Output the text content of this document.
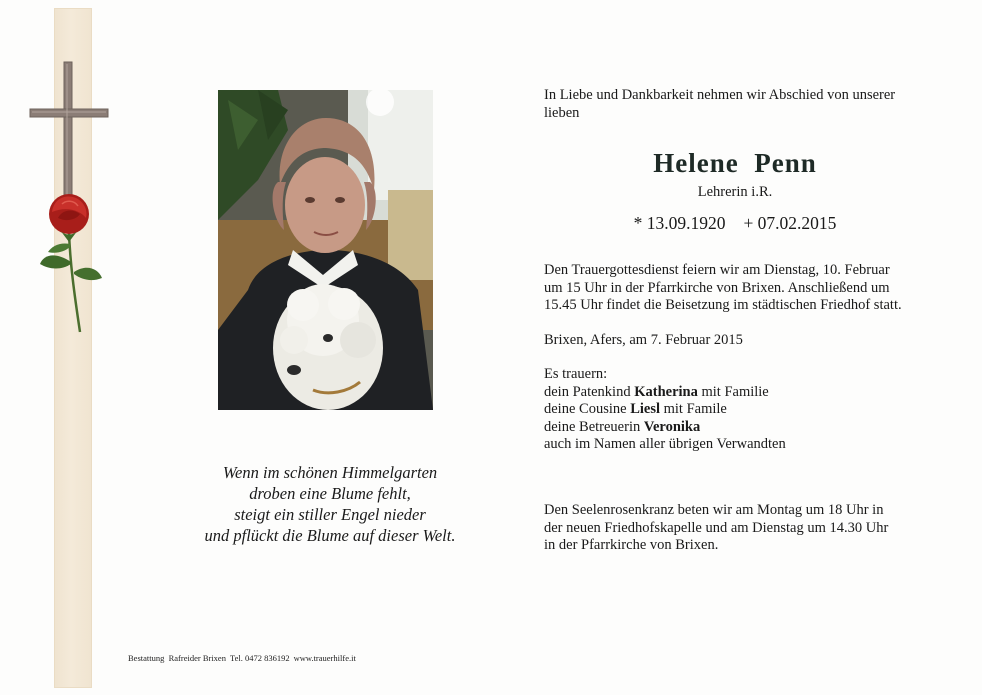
Wenn im schönen Himmelgarten
droben eine Blume fehlt,
steigt ein stiller Engel nieder
und pflückt die Blume auf dieser Welt.
In Liebe und Dankbarkeit nehmen wir Abschied von unserer
lieben
Helene  Penn
Lehrerin i.R.
* 13.09.1920 + 07.02.2015
Den Trauergottesdienst feiern wir am Dienstag, 10. Februar
um 15 Uhr in der Pfarrkirche von Brixen. Anschließend um
15.45 Uhr findet die Beisetzung im städtischen Friedhof statt.
Brixen, Afers, am 7. Februar 2015
Es trauern:
dein Patenkind Katherina mit Familie
deine Cousine Liesl mit Famile
deine Betreuerin Veronika
auch im Namen aller übrigen Verwandten
Den Seelenrosenkranz beten wir am Montag um 18 Uhr in
der neuen Friedhofskapelle und am Dienstag um 14.30 Uhr
in der Pfarrkirche von Brixen.
Bestattung  Rafreider Brixen Tel. 0472 836192 www.trauerhilfe.it
